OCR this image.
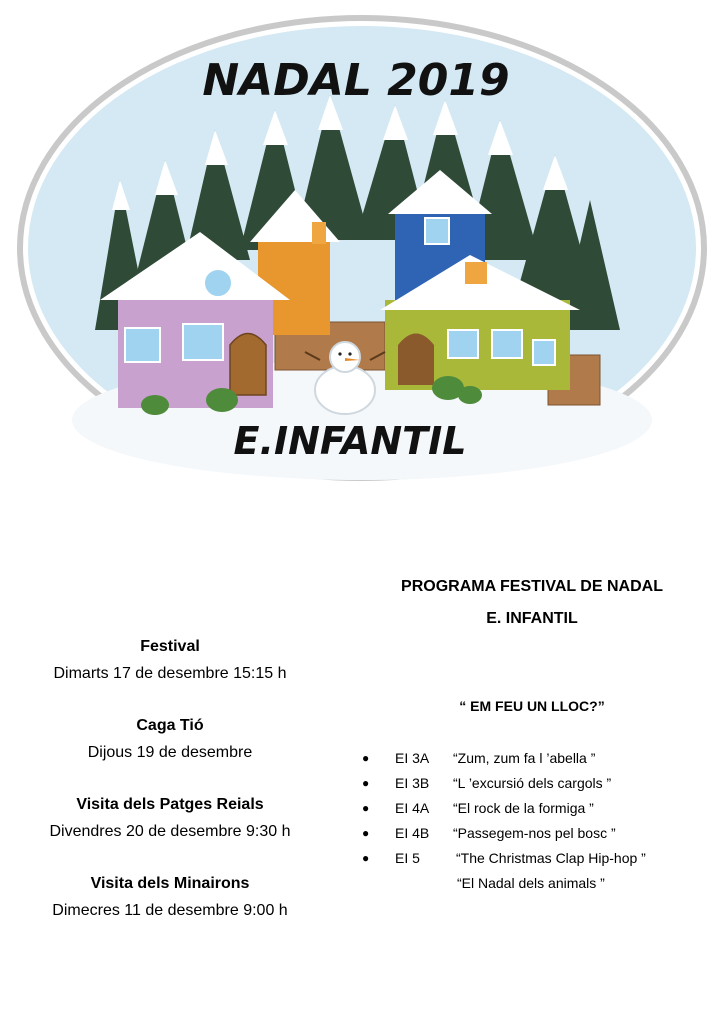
NADAL 2019
E.INFANTIL
Festival
Dimarts 17 de desembre 15:15 h
Caga Tió
Dijous 19 de desembre
Visita dels Patges Reials
Divendres 20 de desembre 9:30 h
Visita dels Minairons
Dimecres 11 de desembre 9:00 h
PROGRAMA FESTIVAL DE NADAL
E. INFANTIL
“ EM FEU UN LLOC?”
● EI 3A “Zum, zum fa l ’abella ”
● EI 3B “L ’excursió dels cargols ”
● EI 4A “El rock de la formiga ”
● EI 4B “Passegem-nos pel bosc ”
● EI 5	“The Christmas Clap Hip-hop ”
“El Nadal dels animals ”
